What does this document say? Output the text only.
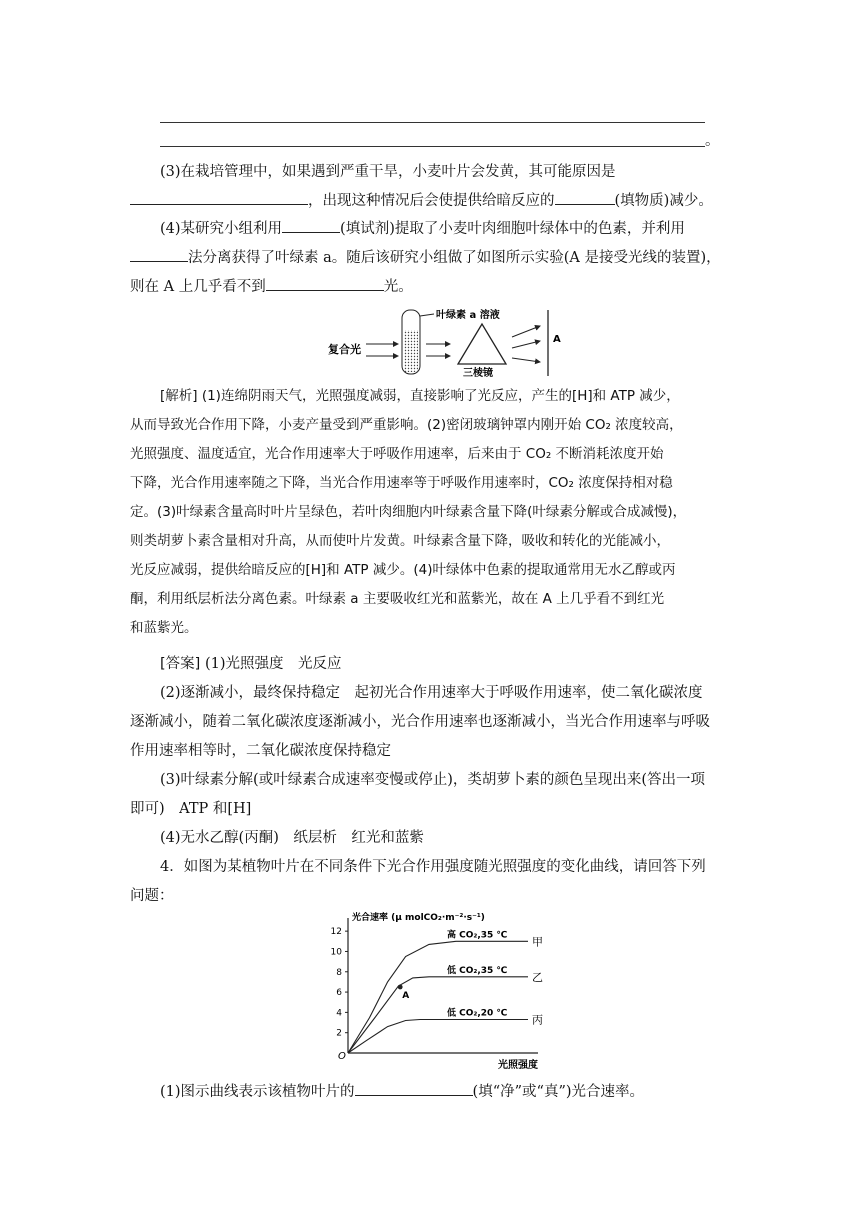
。
(3)在栽培管理中，如果遇到严重干旱，小麦叶片会发黄，其可能原因是
，出现这种情况后会使提供给暗反应的	(填物质)减少。
(4)某研究小组利用	(填试剂)提取了小麦叶肉细胞叶绿体中的色素，并利用
法分离获得了叶绿素 a。随后该研究小组做了如图所示实验(A 是接受光线的装置)，
则在 A 上几乎看不到	光。
复合光
叶绿素 a 溶液
三棱镜
A
[解析] (1)连绵阴雨天气，光照强度减弱，直接影响了光反应，产生的[H]和 ATP 减少，
从而导致光合作用下降，小麦产量受到严重影响。(2)密闭玻璃钟罩内刚开始 CO₂ 浓度较高，
光照强度、温度适宜，光合作用速率大于呼吸作用速率，后来由于 CO₂ 不断消耗浓度开始
下降，光合作用速率随之下降，当光合作用速率等于呼吸作用速率时，CO₂ 浓度保持相对稳
定。(3)叶绿素含量高时叶片呈绿色，若叶肉细胞内叶绿素含量下降(叶绿素分解或合成减慢)，
则类胡萝卜素含量相对升高，从而使叶片发黄。叶绿素含量下降，吸收和转化的光能减小，
光反应减弱，提供给暗反应的[H]和 ATP 减少。(4)叶绿体中色素的提取通常用无水乙醇或丙
酮，利用纸层析法分离色素。叶绿素 a 主要吸收红光和蓝紫光，故在 A 上几乎看不到红光
和蓝紫光。
[答案] (1)光照强度　光反应
(2)逐渐减小，最终保持稳定　起初光合作用速率大于呼吸作用速率，使二氧化碳浓度
逐渐减小，随着二氧化碳浓度逐渐减小，光合作用速率也逐渐减小，当光合作用速率与呼吸
作用速率相等时，二氧化碳浓度保持稳定
(3)叶绿素分解(或叶绿素合成速率变慢或停止)，类胡萝卜素的颜色呈现出来(答出一项
即可)　ATP 和[H]
(4)无水乙醇(丙酮)　纸层析　红光和蓝紫
4．如图为某植物叶片在不同条件下光合作用强度随光照强度的变化曲线，请回答下列
问题：
光合速率 (μ molCO₂·m⁻²·s⁻¹)
光照强度
O
2
4
6
8
10
12	高 CO₂,35 ℃ 甲
低 CO₂,35 ℃ 乙
低 CO₂,20 ℃ 丙
A
(1)图示曲线表示该植物叶片的	(填“净”或“真”)光合速率。
